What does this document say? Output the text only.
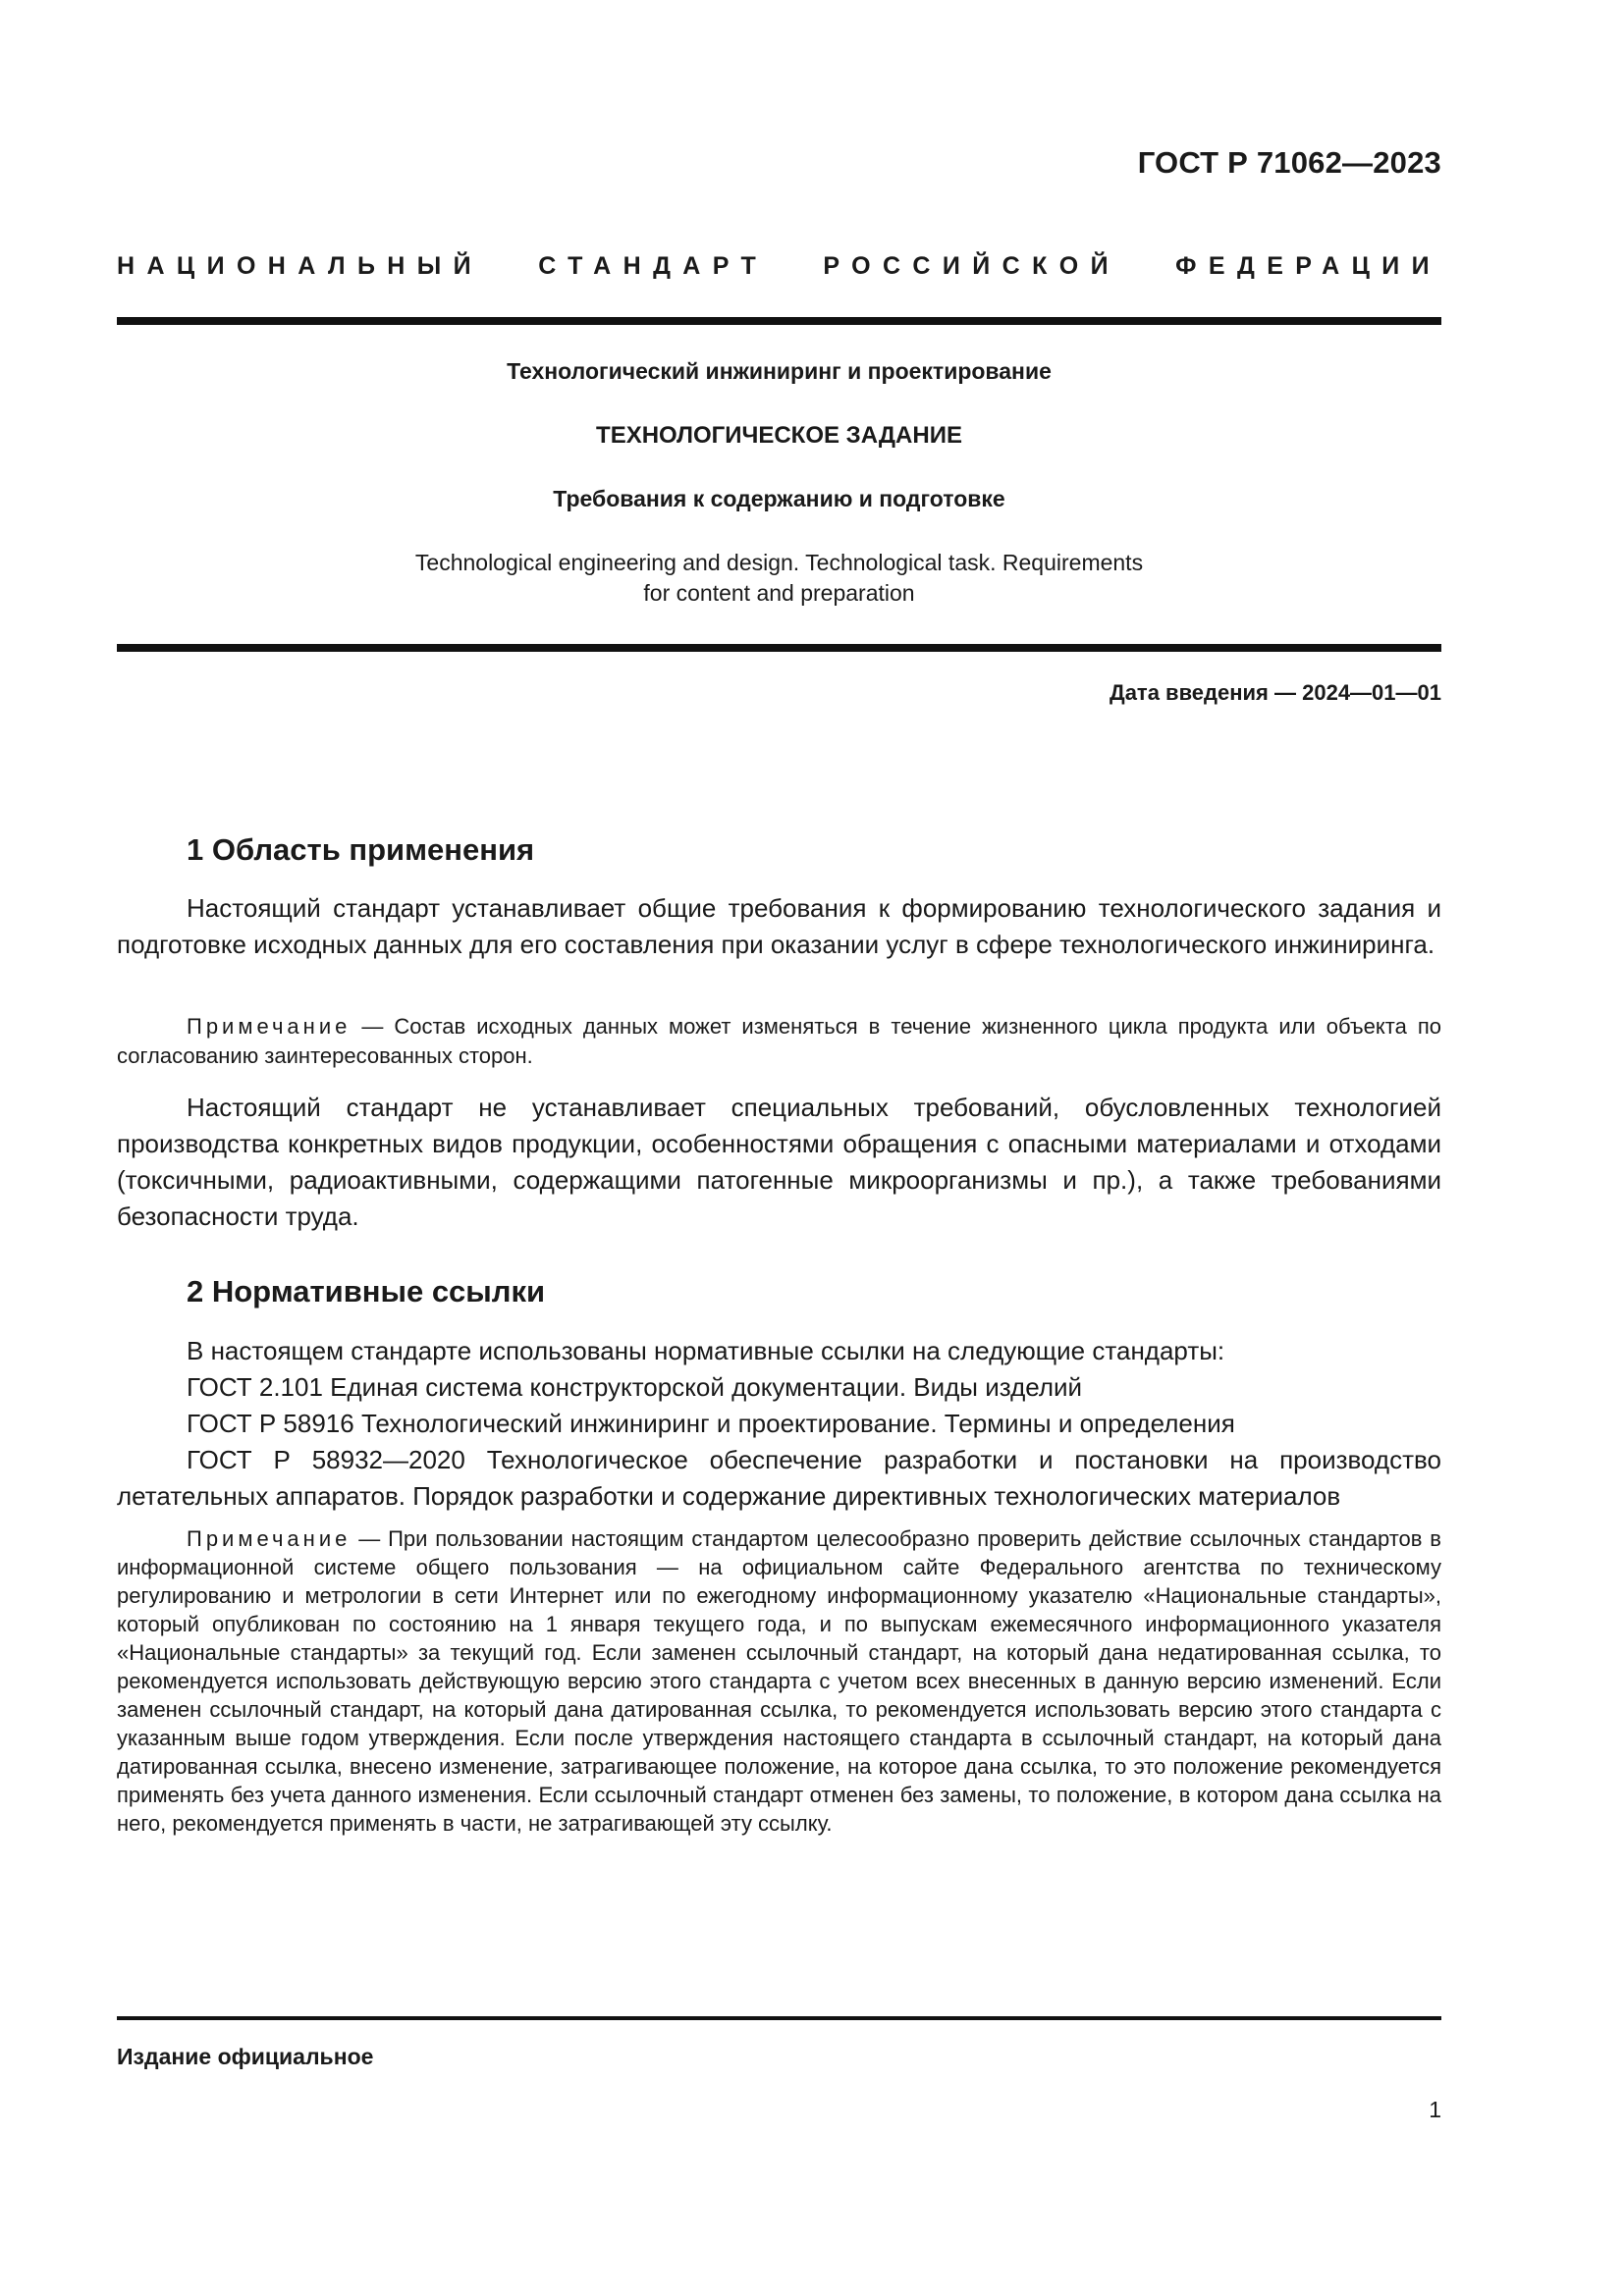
ГОСТ Р 71062—2023
НАЦИОНАЛЬНЫЙ СТАНДАРТ РОССИЙСКОЙ ФЕДЕРАЦИИ
Технологический инжиниринг и проектирование
ТЕХНОЛОГИЧЕСКОЕ ЗАДАНИЕ
Требования к содержанию и подготовке
Technological engineering and design. Technological task. Requirements
for content and preparation
Дата введения — 2024—01—01
1 Область применения

Настоящий стандарт устанавливает общие требования к формированию технологического задания и подготовке исходных данных для его составления при оказании услуг в сфере технологического инжиниринга.

Примечание — Состав исходных данных может изменяться в течение жизненного цикла продукта или объекта по согласованию заинтересованных сторон.

Настоящий стандарт не устанавливает специальных требований, обусловленных технологией производства конкретных видов продукции, особенностями обращения с опасными материалами и отходами (токсичными, радиоактивными, содержащими патогенные микроорганизмы и пр.), а также требованиями безопасности труда.

2 Нормативные ссылки
В настоящем стандарте использованы нормативные ссылки на следующие стандарты:
ГОСТ 2.101 Единая система конструкторской документации. Виды изделий
ГОСТ Р 58916 Технологический инжиниринг и проектирование. Термины и определения
ГОСТ Р 58932—2020 Технологическое обеспечение разработки и постановки на производство летательных аппаратов. Порядок разработки и содержание директивных технологических материалов

Примечание — При пользовании настоящим стандартом целесообразно проверить действие ссылочных стандартов в информационной системе общего пользования — на официальном сайте Федерального агентства по техническому регулированию и метрологии в сети Интернет или по ежегодному информационному указателю «Национальные стандарты», который опубликован по состоянию на 1 января текущего года, и по выпускам ежемесячного информационного указателя «Национальные стандарты» за текущий год. Если заменен ссылочный стандарт, на который дана недатированная ссылка, то рекомендуется использовать действующую версию этого стандарта с учетом всех внесенных в данную версию изменений. Если заменен ссылочный стандарт, на который дана датированная ссылка, то рекомендуется использовать версию этого стандарта с указанным выше годом утверждения. Если после утверждения настоящего стандарта в ссылочный стандарт, на который дана датированная ссылка, внесено изменение, затрагивающее положение, на которое дана ссылка, то это положение рекомендуется применять без учета данного изменения. Если ссылочный стандарт отменен без замены, то положение, в котором дана ссылка на него, рекомендуется применять в части, не затрагивающей эту ссылку.

Издание официальное
1
